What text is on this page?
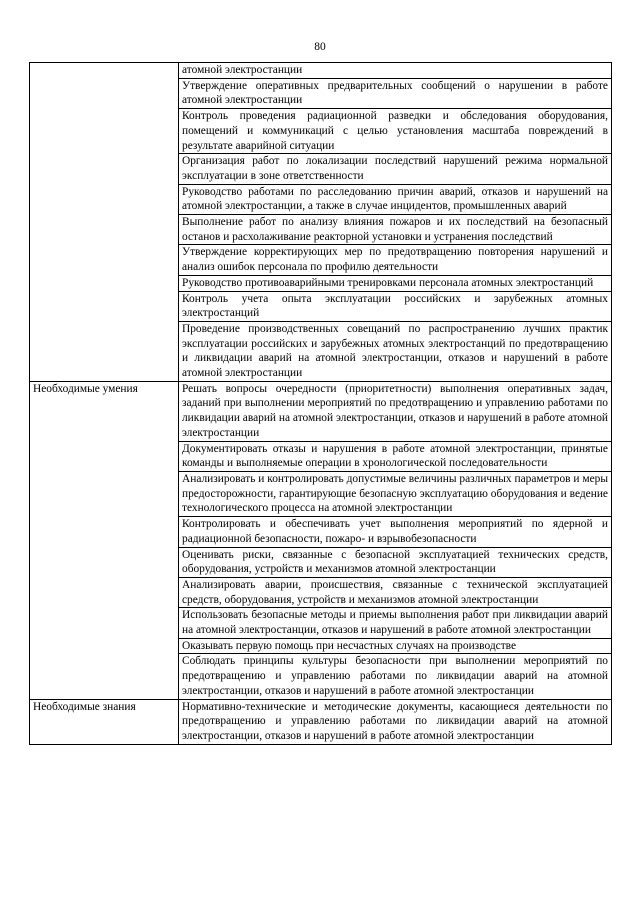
80
	атомной электростанции
	Утверждение оперативных предварительных сообщений о нарушении в работе атомной электростанции
	Контроль проведения радиационной разведки и обследования оборудования, помещений и коммуникаций с целью установления масштаба повреждений в результате аварийной ситуации
	Организация работ по локализации последствий нарушений режима нормальной эксплуатации в зоне ответственности
	Руководство работами по расследованию причин аварий, отказов и нарушений на атомной электростанции, а также в случае инцидентов, промышленных аварий
	Выполнение работ по анализу влияния пожаров и их последствий на безопасный останов и расхолаживание реакторной установки и устранения последствий
	Утверждение корректирующих мер по предотвращению повторения нарушений и анализ ошибок персонала по профилю деятельности
	Руководство противоаварийными тренировками персонала атомных электростанций
	Контроль учета опыта эксплуатации российских и зарубежных атомных электростанций
	Проведение производственных совещаний по распространению лучших практик эксплуатации российских и зарубежных атомных электростанций по предотвращению и ликвидации аварий на атомной электростанции, отказов и нарушений в работе атомной электростанции
Необходимые умения	Решать вопросы очередности (приоритетности) выполнения оперативных задач, заданий при выполнении мероприятий по предотвращению и управлению работами по ликвидации аварий на атомной электростанции, отказов и нарушений в работе атомной электростанции
	Документировать отказы и нарушения в работе атомной электростанции, принятые команды и выполняемые операции в хронологической последовательности
	Анализировать и контролировать допустимые величины различных параметров и меры предосторожности, гарантирующие безопасную эксплуатацию оборудования и ведение технологического процесса на атомной электростанции
	Контролировать и обеспечивать учет выполнения мероприятий по ядерной и радиационной безопасности, пожаро- и взрывобезопасности
	Оценивать риски, связанные с безопасной эксплуатацией технических средств, оборудования, устройств и механизмов атомной электростанции
	Анализировать аварии, происшествия, связанные с технической эксплуатацией средств, оборудования, устройств и механизмов атомной электростанции
	Использовать безопасные методы и приемы выполнения работ при ликвидации аварий на атомной электростанции, отказов и нарушений в работе атомной электростанции
	Оказывать первую помощь при несчастных случаях на производстве
	Соблюдать принципы культуры безопасности при выполнении мероприятий по предотвращению и управлению работами по ликвидации аварий на атомной электростанции, отказов и нарушений в работе атомной электростанции
Необходимые знания	Нормативно-технические и методические документы, касающиеся деятельности по предотвращению и управлению работами по ликвидации аварий на атомной электростанции, отказов и нарушений в работе атомной электростанции
